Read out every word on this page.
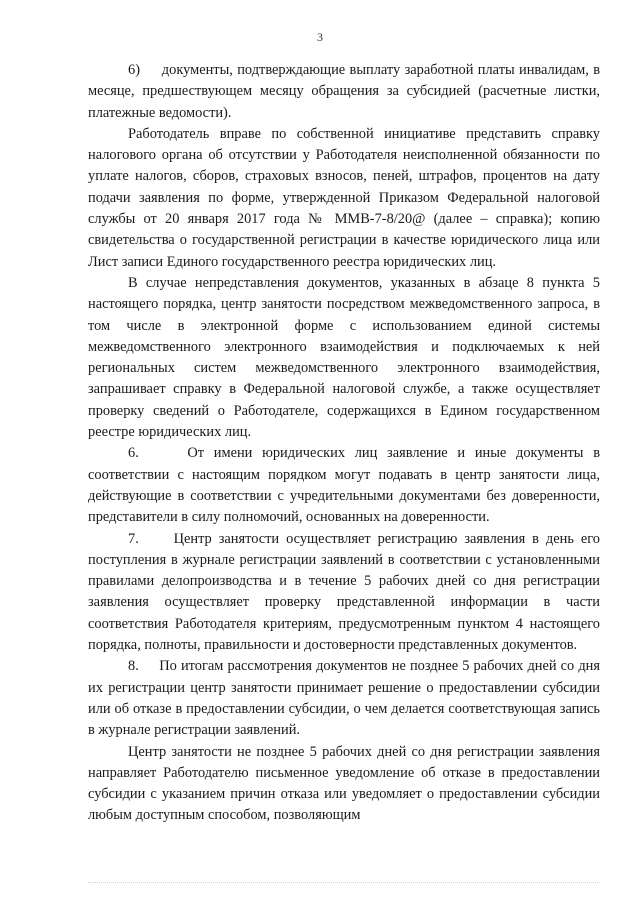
3

6)     документы, подтверждающие выплату заработной платы инвалидам, в месяце, предшествующем месяцу обращения за субсидией (расчетные листки, платежные ведомости).

Работодатель вправе по собственной инициативе представить справку налогового органа об отсутствии у Работодателя неисполненной обязанности по уплате налогов, сборов, страховых взносов, пеней, штрафов, процентов на дату подачи заявления по форме, утвержденной Приказом Федеральной налоговой службы от 20 января 2017 года № ММВ-7-8/20@ (далее – справка); копию свидетельства о государственной регистрации в качестве юридического лица или Лист записи Единого государственного реестра юридических лиц.

В случае непредставления документов, указанных в абзаце 8 пункта 5 настоящего порядка, центр занятости посредством межведомственного запроса, в том числе в электронной форме с использованием единой системы межведомственного электронного взаимодействия и подключаемых к ней региональных систем межведомственного электронного взаимодействия, запрашивает справку в Федеральной налоговой службе, а также осуществляет проверку сведений о Работодателе, содержащихся в Едином государственном реестре юридических лиц.

6.     От имени юридических лиц заявление и иные документы в соответствии с настоящим порядком могут подавать в центр занятости лица, действующие в соответствии с учредительными документами без доверенности, представители в силу полномочий, основанных на доверенности.

7.     Центр занятости осуществляет регистрацию заявления в день его поступления в журнале регистрации заявлений в соответствии с установленными правилами делопроизводства и в течение 5 рабочих дней со дня регистрации заявления осуществляет проверку представленной информации в части соответствия Работодателя критериям, предусмотренным пунктом 4 настоящего порядка, полноты, правильности и достоверности представленных документов.

8.     По итогам рассмотрения документов не позднее 5 рабочих дней со дня их регистрации центр занятости принимает решение о предоставлении субсидии или об отказе в предоставлении субсидии, о чем делается соответствующая запись в журнале регистрации заявлений.

Центр занятости не позднее 5 рабочих дней со дня регистрации заявления направляет Работодателю письменное уведомление об отказе в предоставлении субсидии с указанием причин отказа или уведомляет о предоставлении субсидии любым доступным способом, позволяющим
